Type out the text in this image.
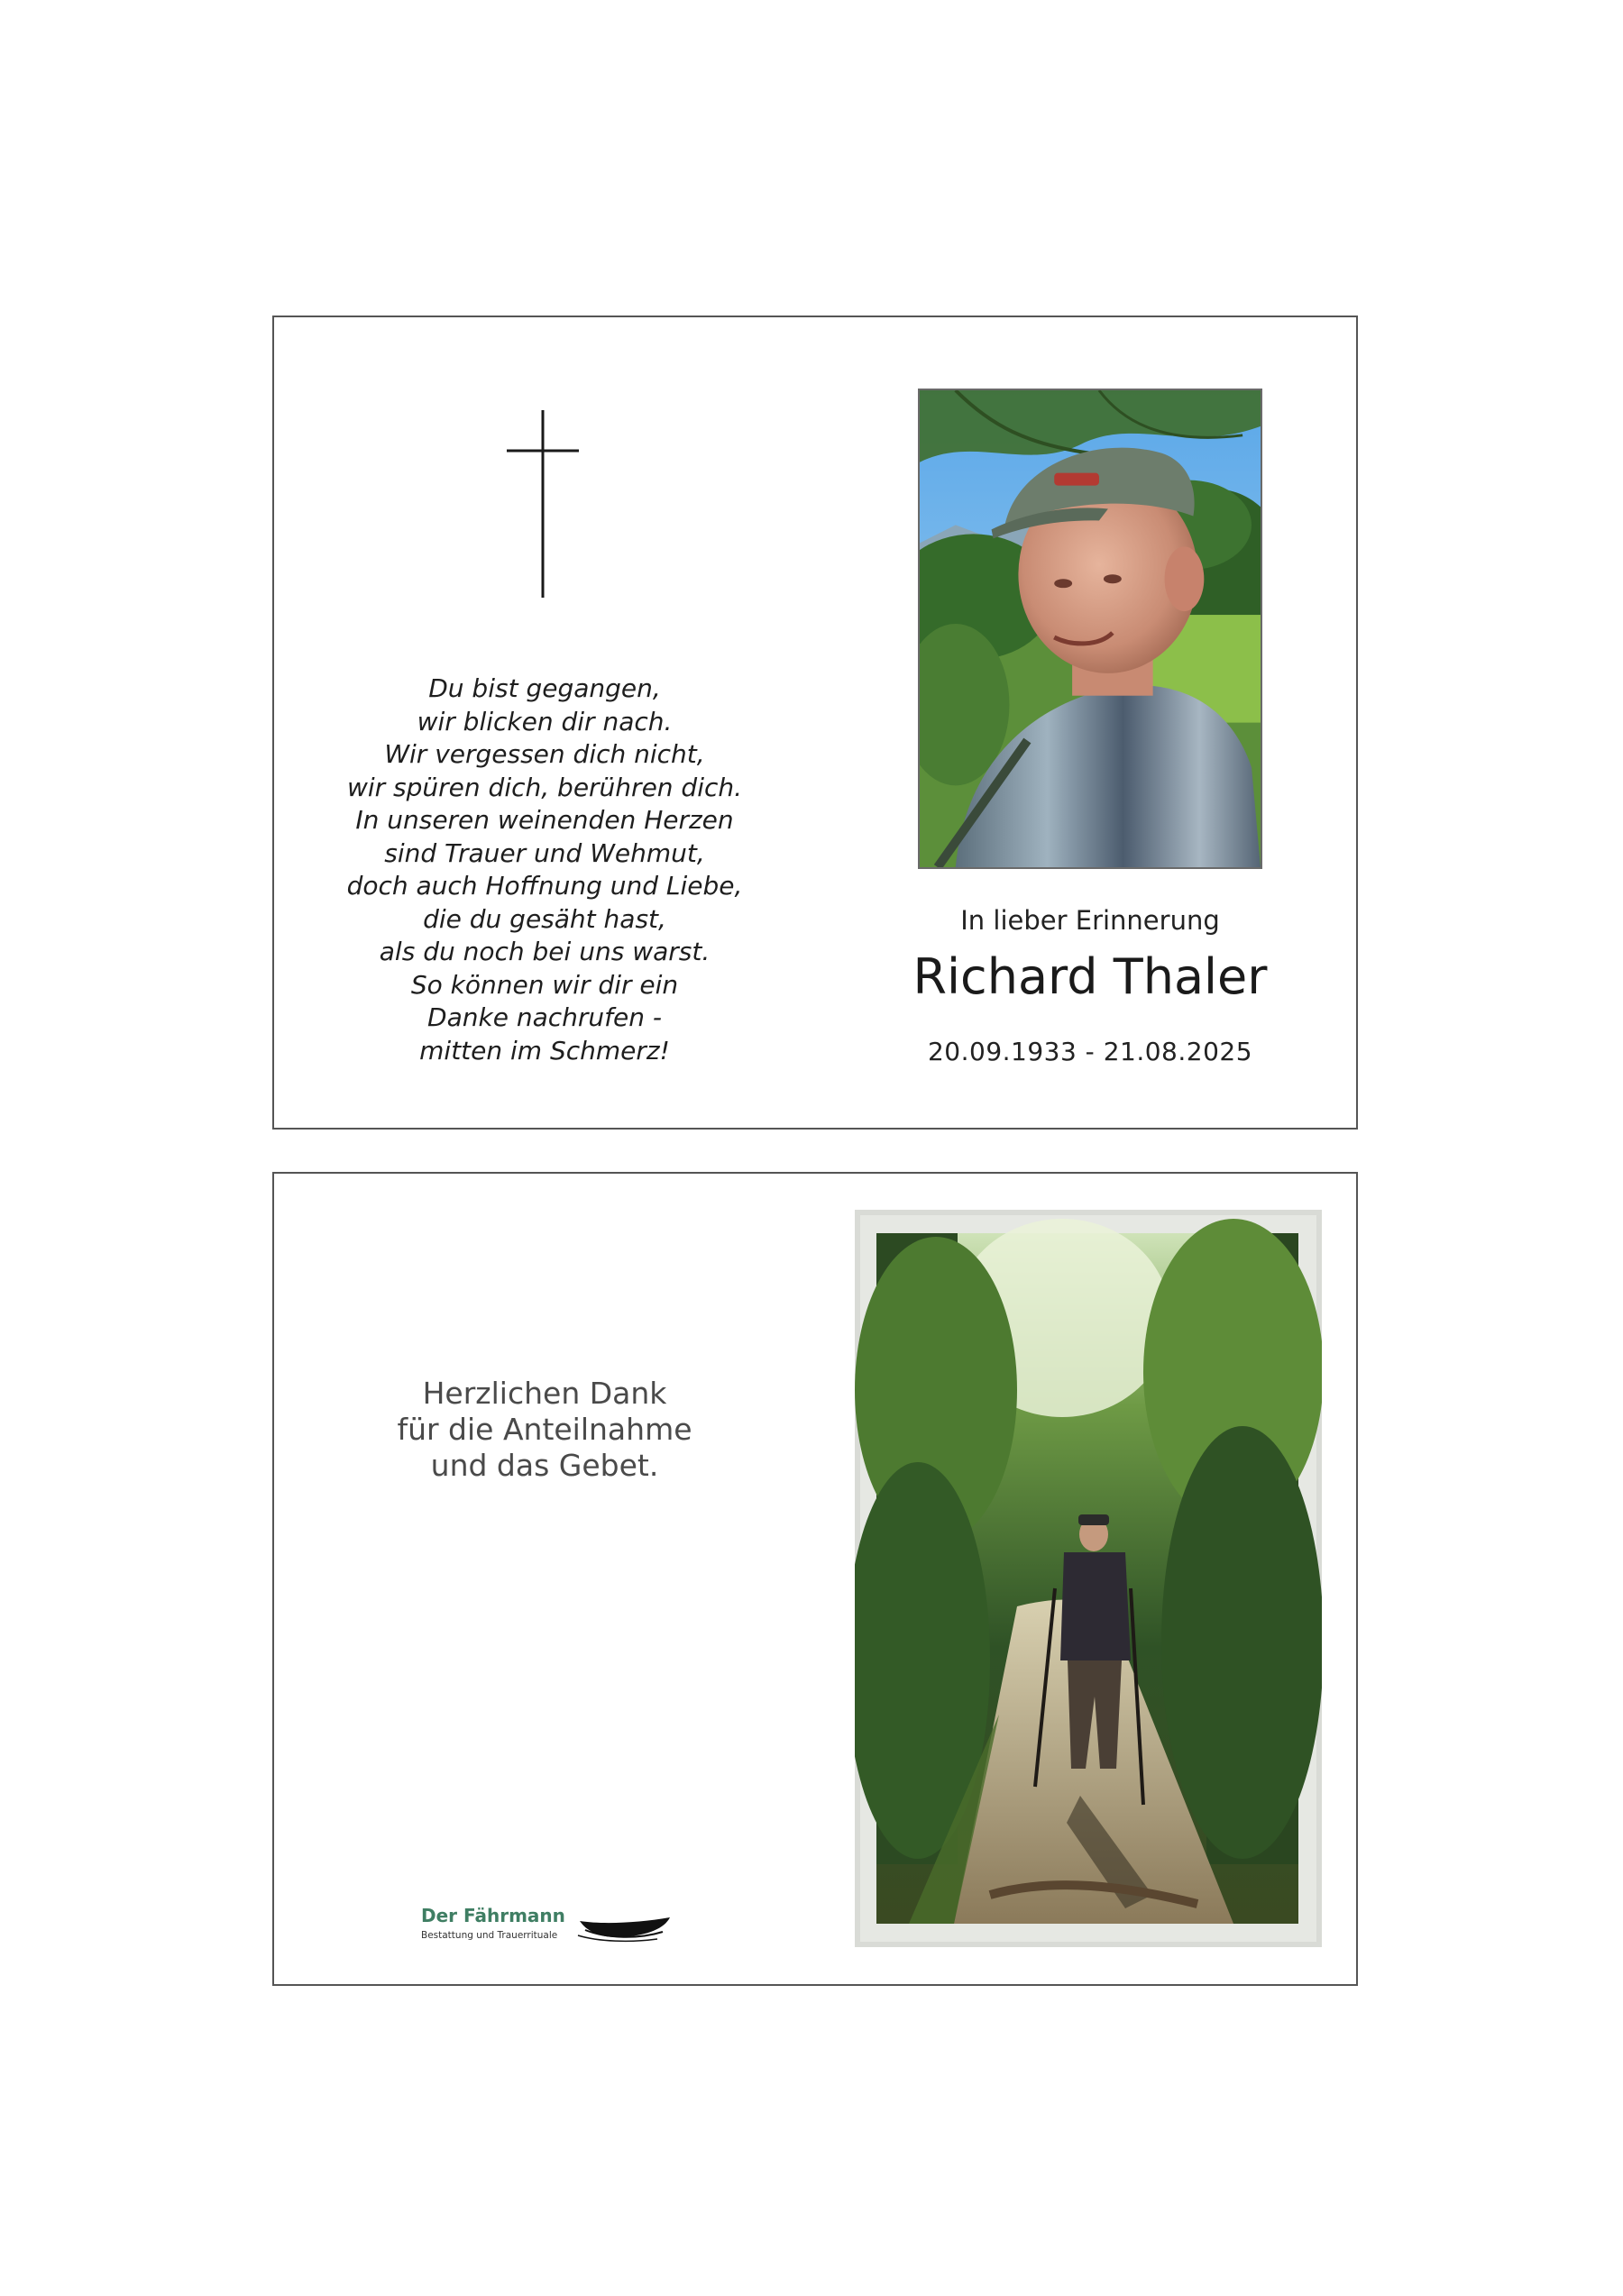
Du bist gegangen,
wir blicken dir nach.
Wir vergessen dich nicht,
wir spüren dich, berühren dich.
In unseren weinenden Herzen
sind Trauer und Wehmut,
doch auch Hoffnung und Liebe,
die du gesäht hast,
als du noch bei uns warst.
So können wir dir ein
Danke nachrufen -
mitten im Schmerz!
In lieber Erinnerung
Richard Thaler
20.09.1933 - 21.08.2025
Herzlichen Dank
für die Anteilnahme
und das Gebet.
Der Fährmann
Bestattung und Trauerrituale
